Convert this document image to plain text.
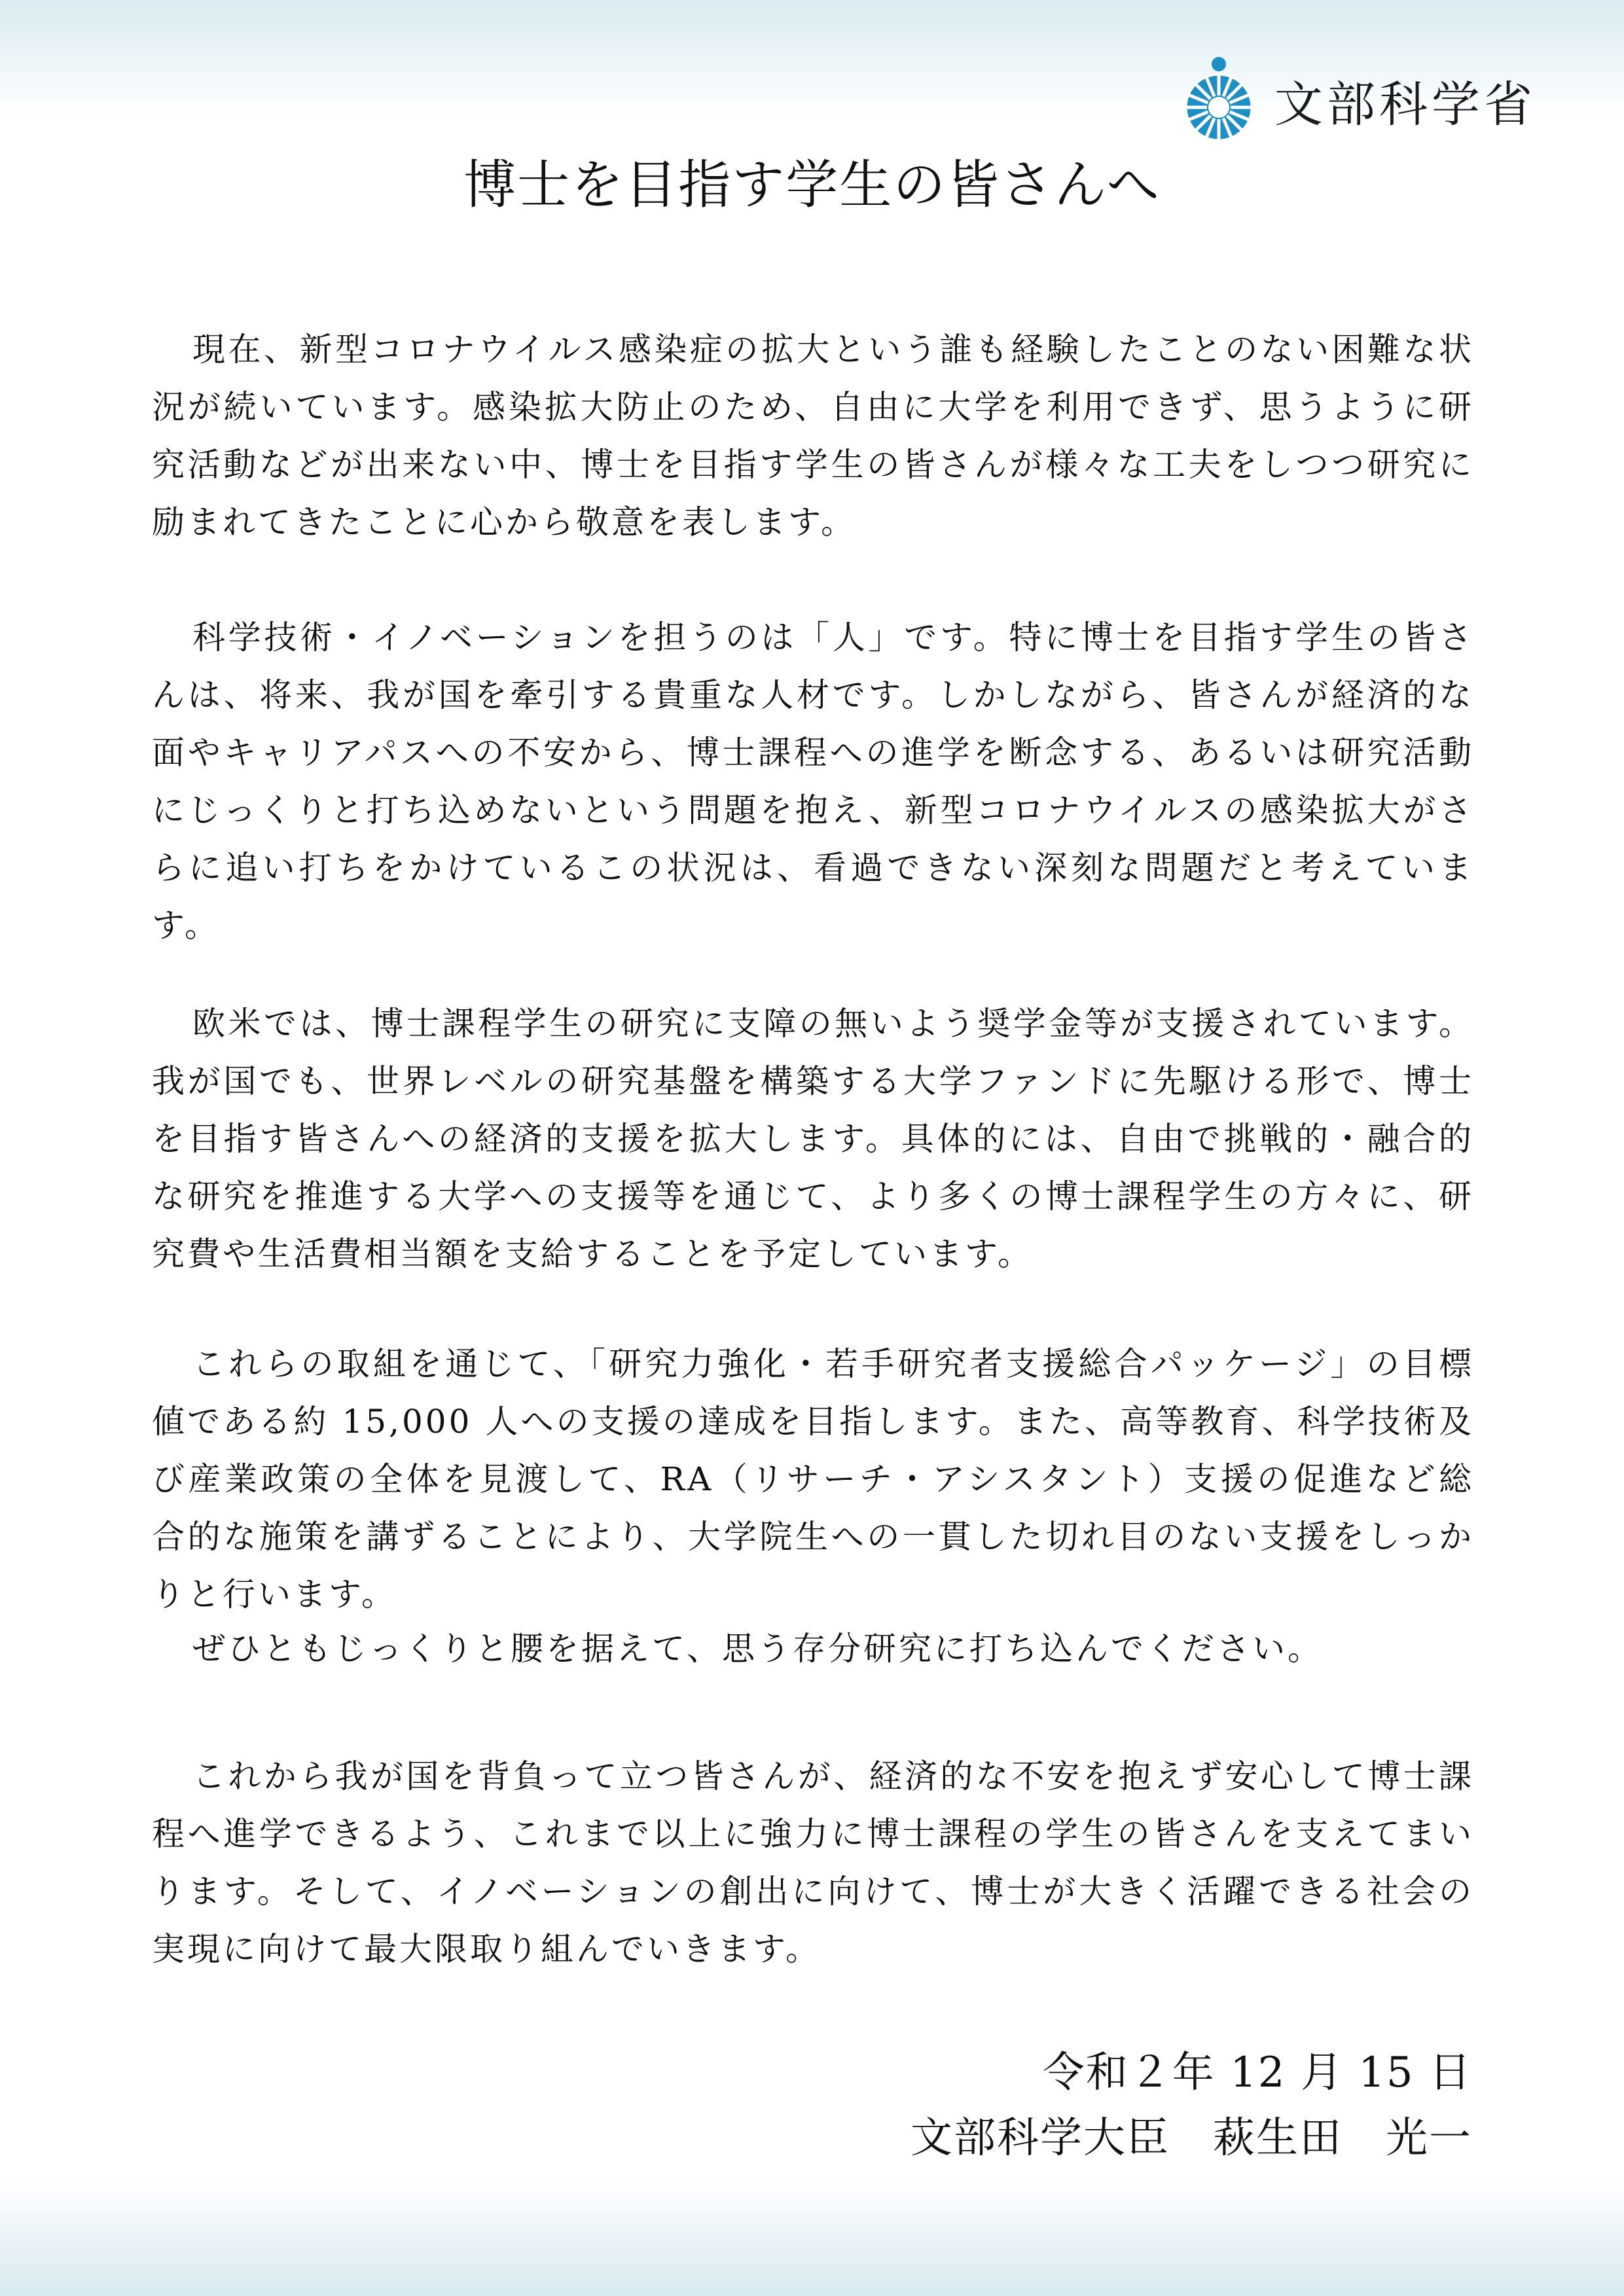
文部科学省
博士を目指す学生の皆さんへ

現在、新型コロナウイルス感染症の拡大という誰も経験したことのない困難な状況が続いています。感染拡大防止のため、自由に大学を利用できず、思うように研究活動などが出来ない中、博士を目指す学生の皆さんが様々な工夫をしつつ研究に励まれてきたことに心から敬意を表します。

科学技術・イノベーションを担うのは「人」です。特に博士を目指す学生の皆さんは、将来、我が国を牽引する貴重な人材です。しかしながら、皆さんが経済的な面やキャリアパスへの不安から、博士課程への進学を断念する、あるいは研究活動にじっくりと打ち込めないという問題を抱え、新型コロナウイルスの感染拡大がさらに追い打ちをかけているこの状況は、看過できない深刻な問題だと考えています。

欧米では、博士課程学生の研究に支障の無いよう奨学金等が支援されています。我が国でも、世界レベルの研究基盤を構築する大学ファンドに先駆ける形で、博士を目指す皆さんへの経済的支援を拡大します。具体的には、自由で挑戦的・融合的な研究を推進する大学への支援等を通じて、より多くの博士課程学生の方々に、研究費や生活費相当額を支給することを予定しています。

これらの取組を通じて、「研究力強化・若手研究者支援総合パッケージ」の目標値である約 15,000 人への支援の達成を目指します。また、高等教育、科学技術及び産業政策の全体を見渡して、RA（リサーチ・アシスタント）支援の促進など総合的な施策を講ずることにより、大学院生への一貫した切れ目のない支援をしっかりと行います。

ぜひともじっくりと腰を据えて、思う存分研究に打ち込んでください。

これから我が国を背負って立つ皆さんが、経済的な不安を抱えず安心して博士課程へ進学できるよう、これまで以上に強力に博士課程の学生の皆さんを支えてまいります。そして、イノベーションの創出に向けて、博士が大きく活躍できる社会の実現に向けて最大限取り組んでいきます。

令和２年 12 月 15 日
文部科学大臣　萩生田　光一
